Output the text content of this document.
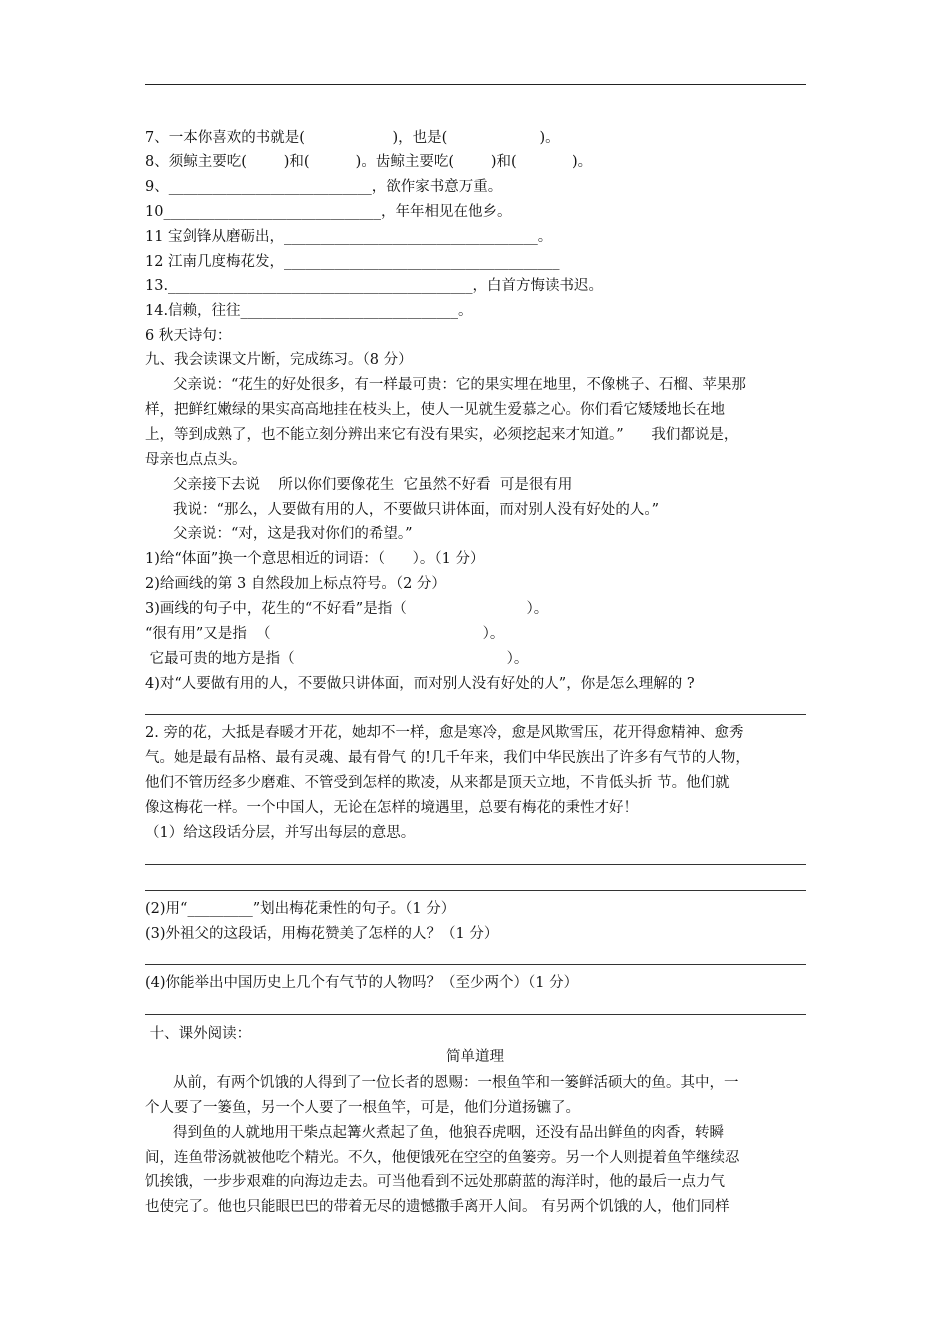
7、一本你喜欢的书就是(                   )，也是(                    )。
8、须鲸主要吃(        )和(          )。齿鲸主要吃(        )和(            )。
9、____________________________，欲作家书意万重。
10______________________________，年年相见在他乡。
11 宝剑锋从磨砺出，___________________________________。
12 江南几度梅花发，______________________________________
13.__________________________________________，白首方悔读书迟。
14.信赖，往往______________________________。
6 秋天诗句：
九、我会读课文片断，完成练习。（8 分）
父亲说：“花生的好处很多，有一样最可贵：它的果实埋在地里，不像桃子、石榴、苹果那
样，把鲜红嫩绿的果实高高地挂在枝头上，使人一见就生爱慕之心。你们看它矮矮地长在地
上，等到成熟了，也不能立刻分辨出来它有没有果实，必须挖起来才知道。”      我们都说是，
母亲也点点头。
父亲接下去说    所以你们要像花生  它虽然不好看  可是很有用
我说：“那么，人要做有用的人，不要做只讲体面，而对别人没有好处的人。”
父亲说：“对，这是我对你们的希望。”
1)给“体面”换一个意思相近的词语：（      ）。（1 分）
2)给画线的第 3 自然段加上标点符号。（2 分）
3)画线的句子中，花生的“不好看”是指（                          ）。
“很有用”又是指  （                                              ）。
它最可贵的地方是指（                                              ）。
4)对“人要做有用的人，不要做只讲体面，而对别人没有好处的人”，你是怎么理解的 ?
2. 旁的花，大抵是春暖才开花，她却不一样，愈是寒冷，愈是风欺雪压，花开得愈精神、愈秀
气。她是最有品格、最有灵魂、最有骨气 的!几千年来，我们中华民族出了许多有气节的人物，
他们不管历经多少磨难、不管受到怎样的欺凌，从来都是顶天立地，不肯低头折 节。他们就
像这梅花一样。一个中国人，无论在怎样的境遇里，总要有梅花的秉性才好！
（1）给这段话分层，并写出每层的意思。
(2)用“_________”划出梅花秉性的句子。（1 分）
(3)外祖父的这段话，用梅花赞美了怎样的人？（1 分）
(4)你能举出中国历史上几个有气节的人物吗？（至少两个）（1 分）
十、课外阅读：
简单道理
从前，有两个饥饿的人得到了一位长者的恩赐：一根鱼竿和一篓鲜活硕大的鱼。其中，一
个人要了一篓鱼，另一个人要了一根鱼竿，可是，他们分道扬镳了。
得到鱼的人就地用干柴点起篝火煮起了鱼，他狼吞虎咽，还没有品出鲜鱼的肉香，转瞬
间，连鱼带汤就被他吃个精光。不久，他便饿死在空空的鱼篓旁。另一个人则提着鱼竿继续忍
饥挨饿，一步步艰难的向海边走去。可当他看到不远处那蔚蓝的海洋时，他的最后一点力气
也使完了。他也只能眼巴巴的带着无尽的遗憾撒手离开人间。 有另两个饥饿的人，他们同样
